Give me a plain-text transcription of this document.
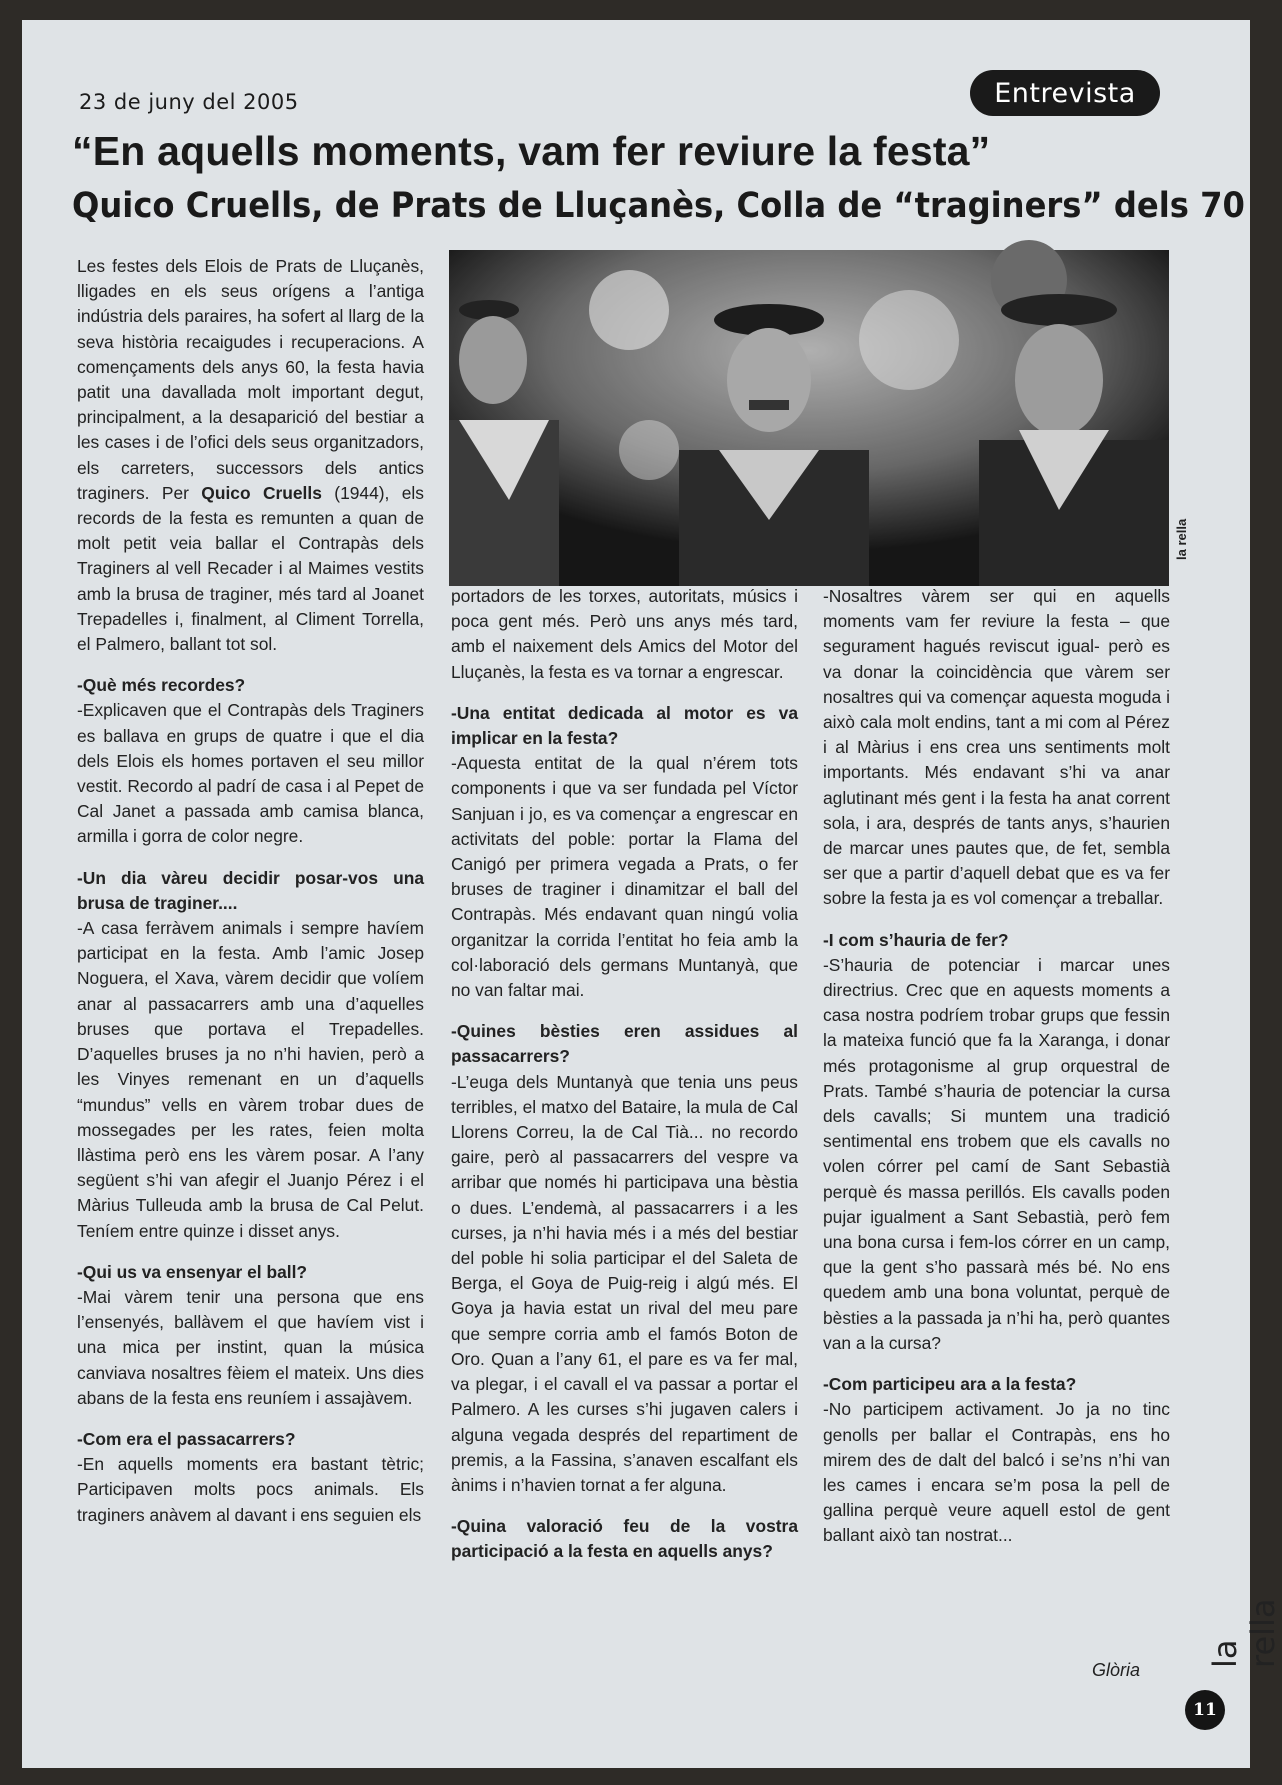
23 de juny del 2005	Entrevista
“En aquells moments, vam fer reviure la festa”
Quico Cruells, de Prats de Lluçanès, Colla de “traginers” dels 70
la rella

Les festes dels Elois de Prats de Lluçanès, lligades en els seus orígens a l’antiga indústria dels paraires, ha sofert al llarg de la seva història recaigudes i recuperacions. A començaments dels anys 60, la festa havia patit una davallada molt important degut, principalment, a la desaparició del bestiar a les cases i de l’ofici dels seus organitzadors, els carreters, successors dels antics traginers. Per Quico Cruells (1944), els records de la festa es remunten a quan de molt petit veia ballar el Contrapàs dels Traginers al vell Recader i al Maimes vestits amb la brusa de traginer, més tard al Joanet Trepadelles i, finalment, al Climent Torrella, el Palmero, ballant tot sol.

-Què més recordes?

-Explicaven que el Contrapàs dels Traginers es ballava en grups de quatre i que el dia dels Elois els homes portaven el seu millor vestit. Recordo al padrí de casa i al Pepet de Cal Janet a passada amb camisa blanca, armilla i gorra de color negre.

-Un dia vàreu decidir posar-vos una brusa de traginer....

-A casa ferràvem animals i sempre havíem participat en la festa. Amb l’amic Josep Noguera, el Xava, vàrem decidir que volíem anar al passacarrers amb una d’aquelles bruses que portava el Trepadelles. D’aquelles bruses ja no n’hi havien, però a les Vinyes remenant en un d’aquells “mundus” vells en vàrem trobar dues de mossegades per les rates, feien molta llàstima però ens les vàrem posar. A l’any següent s’hi van afegir el Juanjo Pérez i el Màrius Tulleuda amb la brusa de Cal Pelut. Teníem entre quinze i disset anys.

-Qui us va ensenyar el ball?

-Mai vàrem tenir una persona que ens l’ensenyés, ballàvem el que havíem vist i una mica per instint, quan la música canviava nosaltres fèiem el mateix. Uns dies abans de la festa ens reuníem i assajàvem.

-Com era el passacarrers?

-En aquells moments era bastant tètric; Participaven molts pocs animals. Els traginers anàvem al davant i ens seguien els

portadors de les torxes, autoritats, músics i poca gent més. Però uns anys més tard, amb el naixement dels Amics del Motor del Lluçanès, la festa es va tornar a engrescar.

-Una entitat dedicada al motor es va implicar en la festa?

-Aquesta entitat de la qual n’érem tots components i que va ser fundada pel Víctor Sanjuan i jo, es va començar a engrescar en activitats del poble: portar la Flama del Canigó per primera vegada a Prats, o fer bruses de traginer i dinamitzar el ball del Contrapàs. Més endavant quan ningú volia organitzar la corrida l’entitat ho feia amb la col·laboració dels germans Muntanyà, que no van faltar mai.

-Quines bèsties eren assidues al passacarrers?

-L’euga dels Muntanyà que tenia uns peus terribles, el matxo del Bataire, la mula de Cal Llorens Correu, la de Cal Tià... no recordo gaire, però al passacarrers del vespre va arribar que només hi participava una bèstia o dues. L’endemà, al passacarrers i a les curses, ja n’hi havia més i a més del bestiar del poble hi solia participar el del Saleta de Berga, el Goya de Puig-reig i algú més. El Goya ja havia estat un rival del meu pare que sempre corria amb el famós Boton de Oro. Quan a l’any 61, el pare es va fer mal, va plegar, i el cavall el va passar a portar el Palmero. A les curses s’hi jugaven calers i alguna vegada després del repartiment de premis, a la Fassina, s’anaven escalfant els ànims i n’havien tornat a fer alguna.

-Quina valoració feu de la vostra participació a la festa en aquells anys?

-Nosaltres vàrem ser qui en aquells moments vam fer reviure la festa – que segurament hagués reviscut igual- però es va donar la coincidència que vàrem ser nosaltres qui va començar aquesta moguda i això cala molt endins, tant a mi com al Pérez i al Màrius i ens crea uns sentiments molt importants. Més endavant s’hi va anar aglutinant més gent i la festa ha anat corrent sola, i ara, després de tants anys, s’haurien de marcar unes pautes que, de fet, sembla ser que a partir d’aquell debat que es va fer sobre la festa ja es vol començar a treballar.

-I com s’hauria de fer?

-S’hauria de potenciar i marcar unes directrius. Crec que en aquests moments a casa nostra podríem trobar grups que fessin la mateixa funció que fa la Xaranga, i donar més protagonisme al grup orquestral de Prats. També s’hauria de potenciar la cursa dels cavalls; Si muntem una tradició sentimental ens trobem que els cavalls no volen córrer pel camí de Sant Sebastià perquè és massa perillós. Els cavalls poden pujar igualment a Sant Sebastià, però fem una bona cursa i fem-los córrer en un camp, que la gent s’ho passarà més bé. No ens quedem amb una bona voluntat, perquè de bèsties a la passada ja n’hi ha, però quantes van a la cursa?

-Com participeu ara a la festa?

-No participem activament. Jo ja no tinc genolls per ballar el Contrapàs, ens ho mirem des de dalt del balcó i se’ns n’hi van les cames i encara se’m posa la pell de gallina perquè veure aquell estol de gent ballant això tan nostrat...

Glòria
la rella
11
